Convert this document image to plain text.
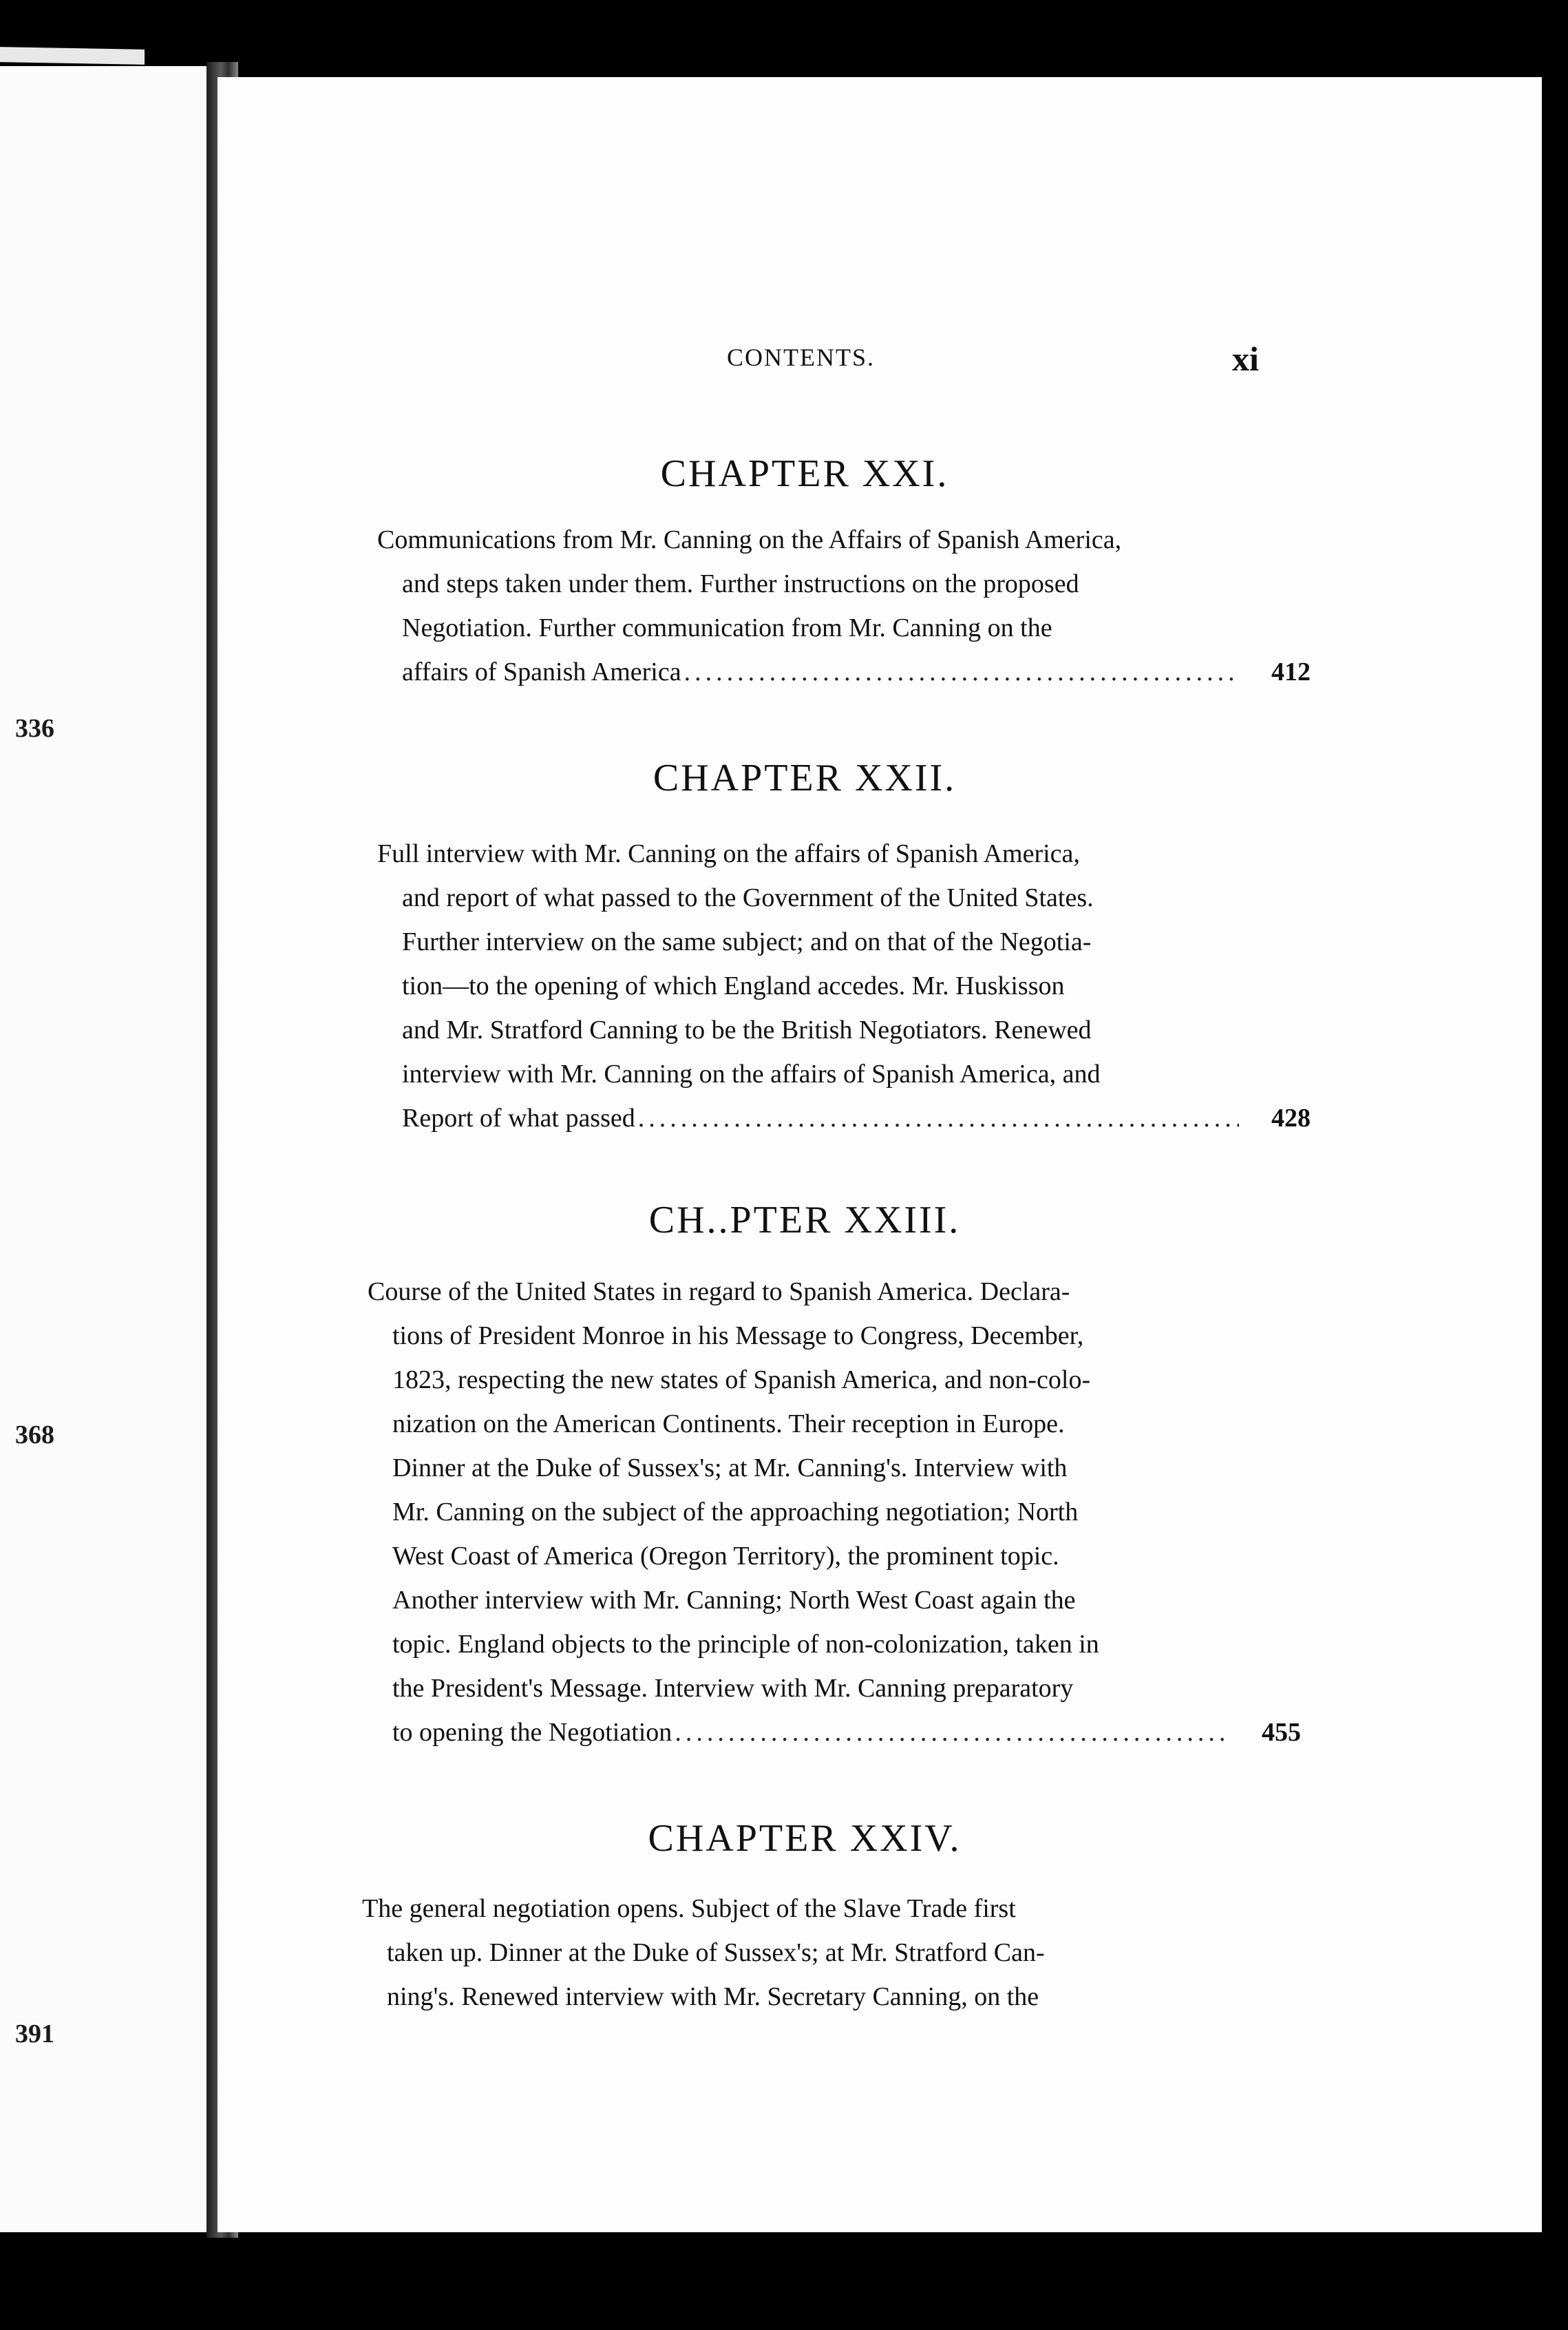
336
368
391
CONTENTS.	xi
CHAPTER XXI.
Communications from Mr. Canning on the Affairs of Spanish America,
and steps taken under them. Further instructions on the proposed
Negotiation. Further communication from Mr. Canning on the
affairs of Spanish America .....	412
CHAPTER XXII.
Full interview with Mr. Canning on the affairs of Spanish America,
and report of what passed to the Government of the United States.
Further interview on the same subject; and on that of the Negotia-
tion—to the opening of which England accedes. Mr. Huskisson
and Mr. Stratford Canning to be the British Negotiators. Renewed
interview with Mr. Canning on the affairs of Spanish America, and
Report of what passed .....	428
CH..PTER XXIII.
Course of the United States in regard to Spanish America. Declara-
tions of President Monroe in his Message to Congress, December,
1823, respecting the new states of Spanish America, and non-colo-
nization on the American Continents. Their reception in Europe.
Dinner at the Duke of Sussex's; at Mr. Canning's. Interview with
Mr. Canning on the subject of the approaching negotiation; North
West Coast of America (Oregon Territory), the prominent topic.
Another interview with Mr. Canning; North West Coast again the
topic. England objects to the principle of non-colonization, taken in
the President's Message. Interview with Mr. Canning preparatory
to opening the Negotiation .....	455
CHAPTER XXIV.
The general negotiation opens. Subject of the Slave Trade first
taken up. Dinner at the Duke of Sussex's; at Mr. Stratford Can-
ning's. Renewed interview with Mr. Secretary Canning, on the
